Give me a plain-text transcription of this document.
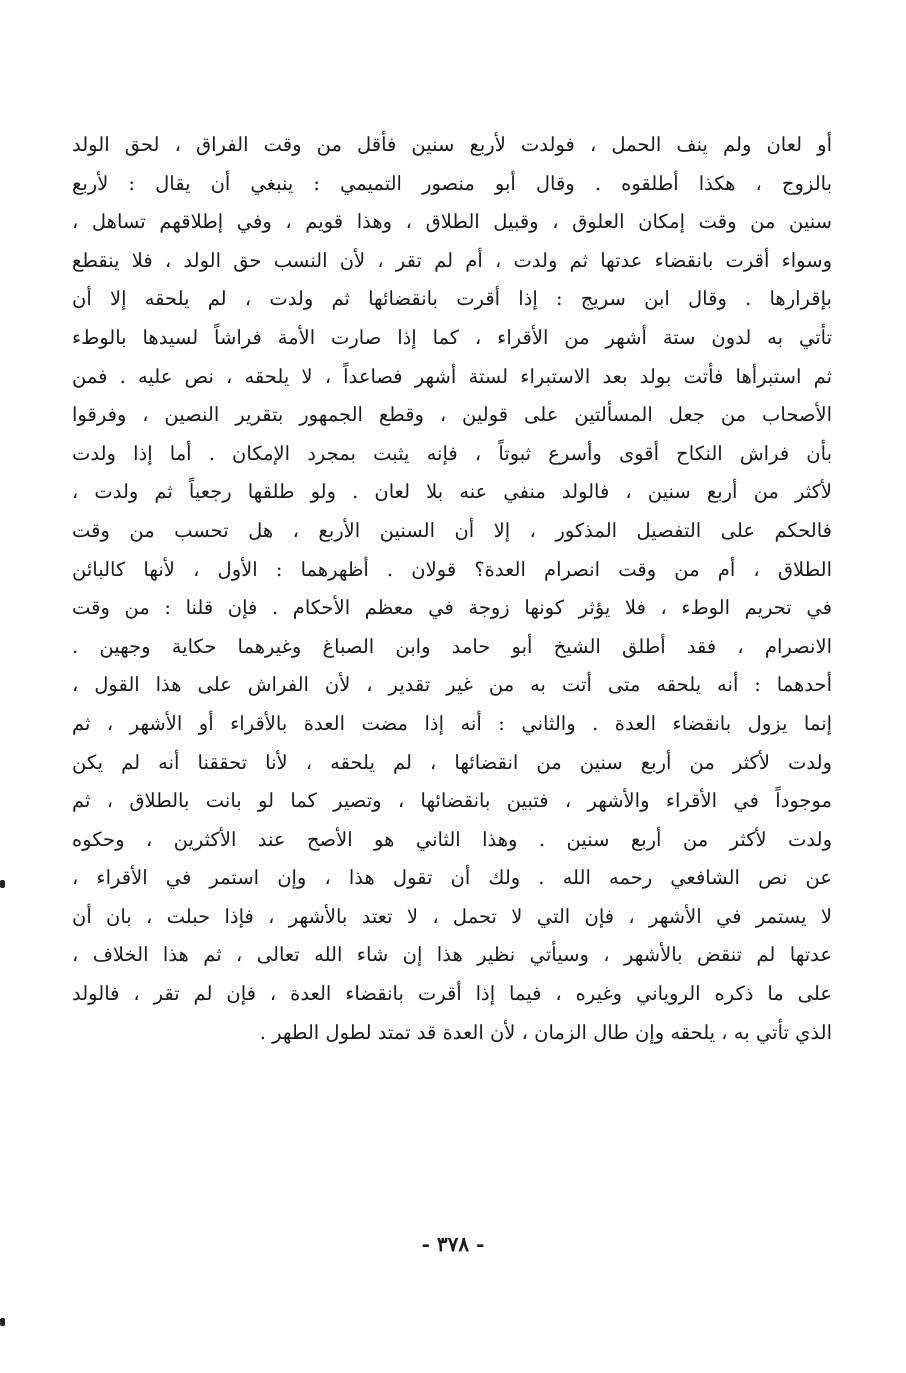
أو لعان ولم ينف الحمل ، فولدت لأربع سنين فأقل من وقت الفراق ، لحق الولد
بالزوج ، هكذا أطلقوه . وقال أبو منصور التميمي : ينبغي أن يقال : لأربع
سنين من وقت إمكان العلوق ، وقبيل الطلاق ، وهذا قويم ، وفي إطلاقهم تساهل ،
وسواء أقرت بانقضاء عدتها ثم ولدت ، أم لم تقر ، لأن النسب حق الولد ، فلا ينقطع
بإقرارها . وقال ابن سريج : إذا أقرت بانقضائها ثم ولدت ، لم يلحقه إلا أن
تأتي به لدون ستة أشهر من الأقراء ، كما إذا صارت الأمة فراشاً لسيدها بالوطء
ثم استبرأها فأتت بولد بعد الاستبراء لستة أشهر فصاعداً ، لا يلحقه ، نص عليه . فمن
الأصحاب من جعل المسألتين على قولين ، وقطع الجمهور بتقرير النصين ، وفرقوا
بأن فراش النكاح أقوى وأسرع ثبوتاً ، فإنه يثبت بمجرد الإمكان . أما إذا ولدت
لأكثر من أربع سنين ، فالولد منفي عنه بلا لعان . ولو طلقها رجعياً ثم ولدت ،
فالحكم على التفصيل المذكور ، إلا أن السنين الأربع ، هل تحسب من وقت
الطلاق ، أم من وقت انصرام العدة؟ قولان . أظهرهما : الأول ، لأنها كالبائن
في تحريم الوطء ، فلا يؤثر كونها زوجة في معظم الأحكام . فإن قلنا : من وقت
الانصرام ، فقد أطلق الشيخ أبو حامد وابن الصباغ وغيرهما حكاية وجهين .
أحدهما : أنه يلحقه متى أتت به من غير تقدير ، لأن الفراش على هذا القول ،
إنما يزول بانقضاء العدة . والثاني : أنه إذا مضت العدة بالأقراء أو الأشهر ، ثم
ولدت لأكثر من أربع سنين من انقضائها ، لم يلحقه ، لأنا تحققنا أنه لم يكن
موجوداً في الأقراء والأشهر ، فتبين بانقضائها ، وتصير كما لو بانت بالطلاق ، ثم
ولدت لأكثر من أربع سنين . وهذا الثاني هو الأصح عند الأكثرين ، وحكوه
عن نص الشافعي رحمه الله . ولك أن تقول هذا ، وإن استمر في الأقراء ،
لا يستمر في الأشهر ، فإن التي لا تحمل ، لا تعتد بالأشهر ، فإذا حبلت ، بان أن
عدتها لم تنقض بالأشهر ، وسيأتي نظير هذا إن شاء الله تعالى ، ثم هذا الخلاف ،
على ما ذكره الروياني وغيره ، فيما إذا أقرت بانقضاء العدة ، فإن لم تقر ، فالولد
الذي تأتي به ، يلحقه وإن طال الزمان ، لأن العدة قد تمتد لطول الطهر .
- ٣٧٨ -
